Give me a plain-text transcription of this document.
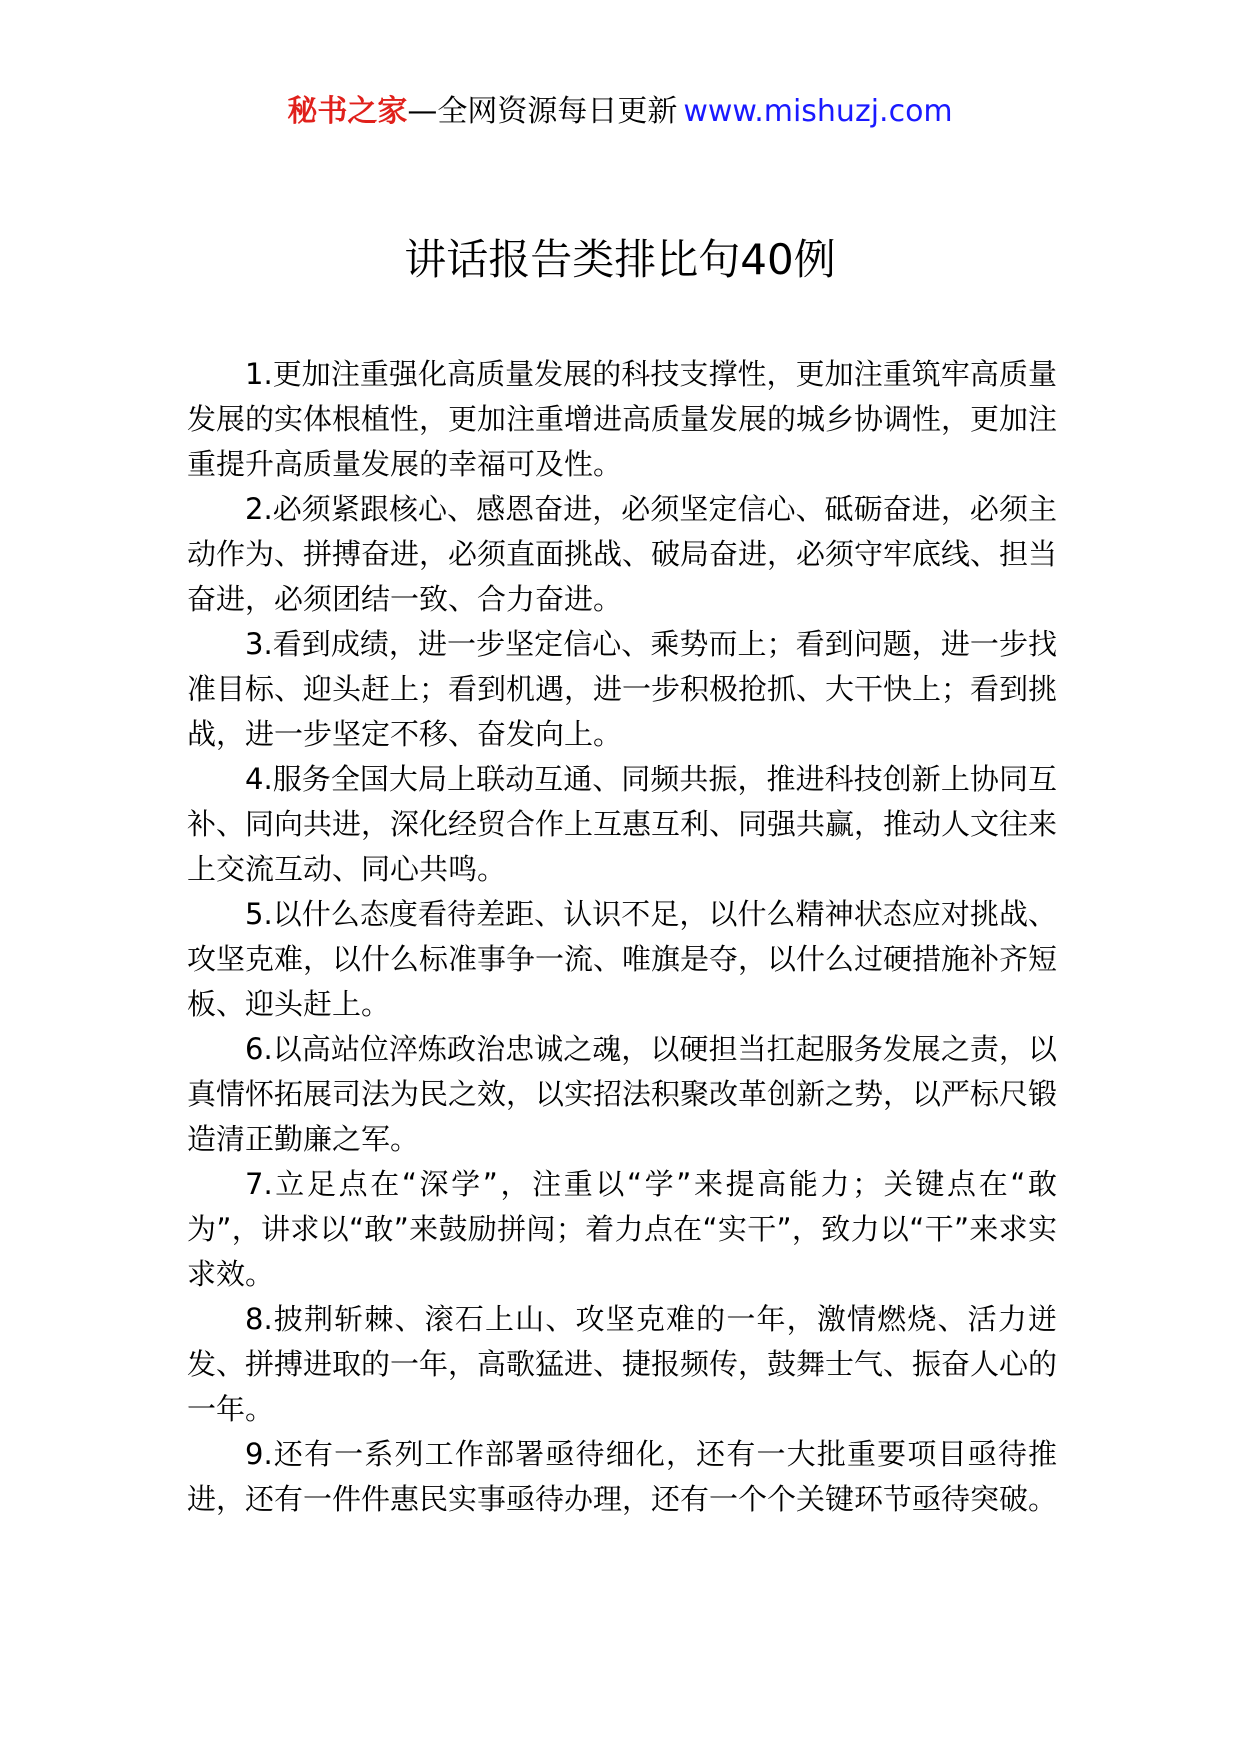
秘书之家—全网资源每日更新 www.mishuzj.com
讲话报告类排比句40例

1.更加注重强化高质量发展的科技支撑性，更加注重筑牢高质量发展的实体根植性，更加注重增进高质量发展的城乡协调性，更加注重提升高质量发展的幸福可及性。

2.必须紧跟核心、感恩奋进，必须坚定信心、砥砺奋进，必须主动作为、拼搏奋进，必须直面挑战、破局奋进，必须守牢底线、担当奋进，必须团结一致、合力奋进。

3.看到成绩，进一步坚定信心、乘势而上；看到问题，进一步找准目标、迎头赶上；看到机遇，进一步积极抢抓、大干快上；看到挑战，进一步坚定不移、奋发向上。

4.服务全国大局上联动互通、同频共振，推进科技创新上协同互补、同向共进，深化经贸合作上互惠互利、同强共赢，推动人文往来上交流互动、同心共鸣。

5.以什么态度看待差距、认识不足，以什么精神状态应对挑战、攻坚克难，以什么标准事争一流、唯旗是夺，以什么过硬措施补齐短板、迎头赶上。

6.以高站位淬炼政治忠诚之魂，以硬担当扛起服务发展之责，以真情怀拓展司法为民之效，以实招法积聚改革创新之势，以严标尺锻造清正勤廉之军。

7.立足点在“深学”，注重以“学”来提高能力；关键点在“敢为”，讲求以“敢”来鼓励拼闯；着力点在“实干”，致力以“干”来求实求效。

8.披荆斩棘、滚石上山、攻坚克难的一年，激情燃烧、活力迸发、拼搏进取的一年，高歌猛进、捷报频传，鼓舞士气、振奋人心的一年。

9.还有一系列工作部署亟待细化，还有一大批重要项目亟待推进，还有一件件惠民实事亟待办理，还有一个个关键环节亟待突破。
